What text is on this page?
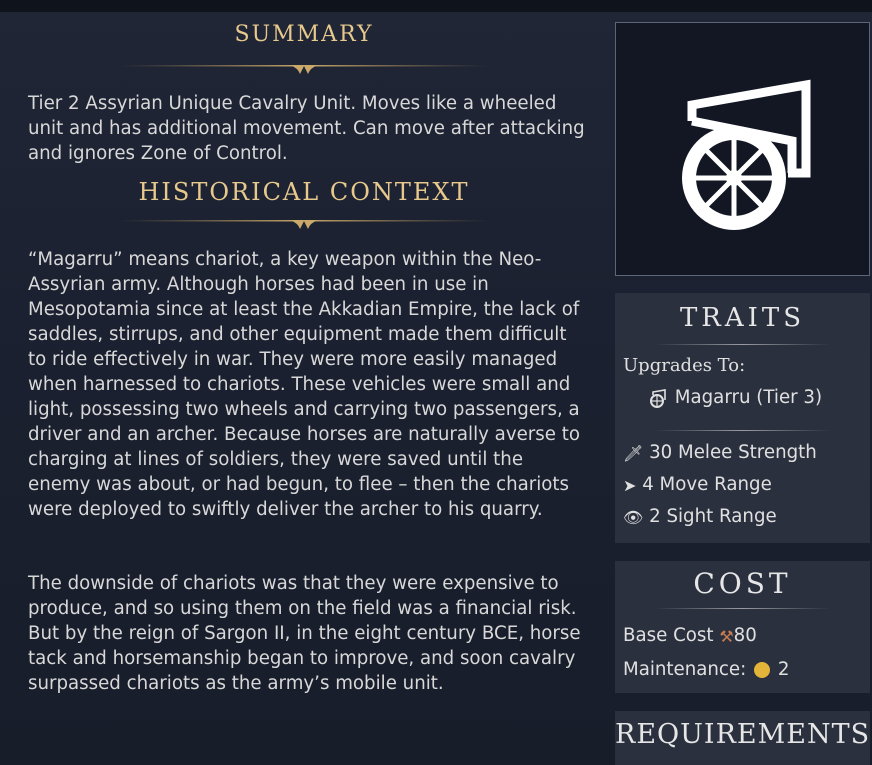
SUMMARY

Tier 2 Assyrian Unique Cavalry Unit. Moves like a wheeled unit and has additional movement. Can move after attacking and ignores Zone of Control.

HISTORICAL CONTEXT

“Magarru” means chariot, a key weapon within the Neo-Assyrian army. Although horses had been in use in Mesopotamia since at least the Akkadian Empire, the lack of saddles, stirrups, and other equipment made them difficult to ride effectively in war. They were more easily managed when harnessed to chariots. These vehicles were small and light, possessing two wheels and carrying two passengers, a driver and an archer. Because horses are naturally averse to charging at lines of soldiers, they were saved until the enemy was about, or had begun, to flee – then the chariots were deployed to swiftly deliver the archer to his quarry.

The downside of chariots was that they were expensive to produce, and so using them on the field was a financial risk. But by the reign of Sargon II, in the eight century BCE, horse tack and horsemanship began to improve, and soon cavalry surpassed chariots as the army’s mobile unit.

TRAITS
Upgrades To:
Magarru (Tier 3)
🗡 30 Melee Strength
➤ 4 Move Range
👁 2 Sight Range
COST
Base Cost ⚒80
Maintenance: 2
REQUIREMENTS
